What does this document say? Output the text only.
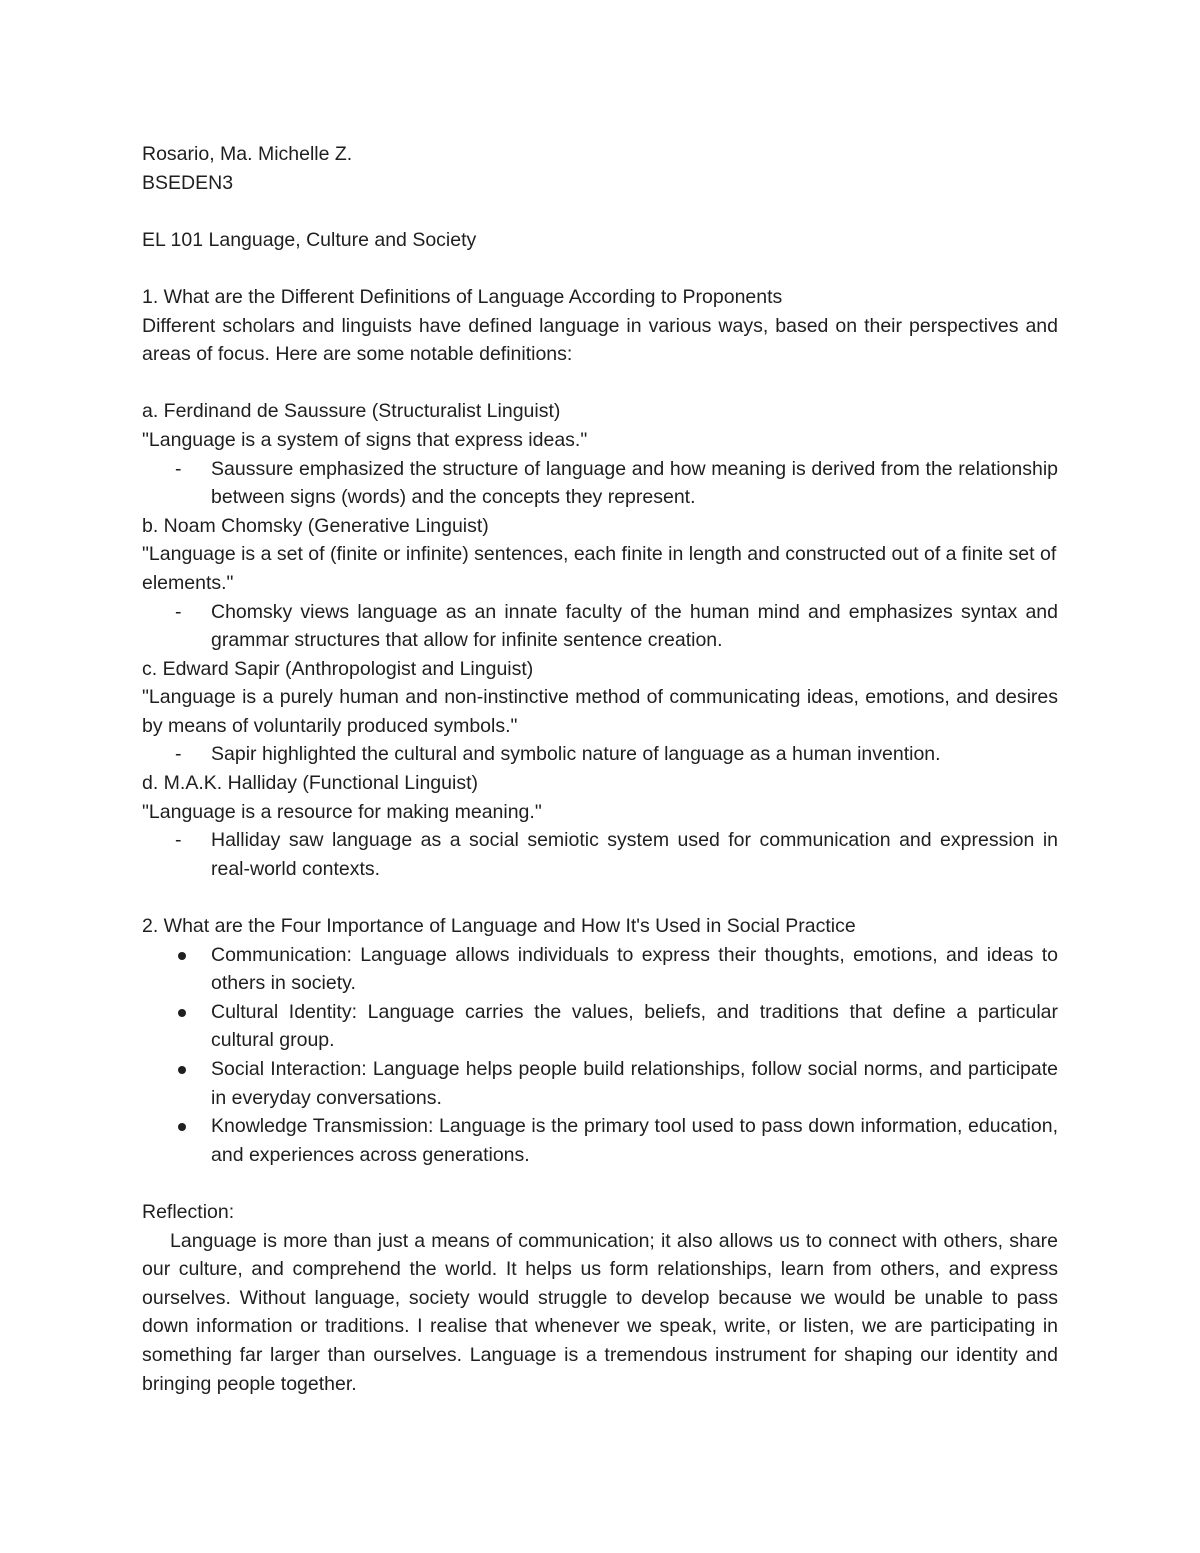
Rosario, Ma. Michelle Z.
BSEDEN3
EL 101 Language, Culture and Society
1. What are the Different Definitions of Language According to Proponents
Different scholars and linguists have defined language in various ways, based on their perspectives and areas of focus. Here are some notable definitions:
a. Ferdinand de Saussure (Structuralist Linguist)
"Language is a system of signs that express ideas."
- Saussure emphasized the structure of language and how meaning is derived from the relationship between signs (words) and the concepts they represent.
b. Noam Chomsky (Generative Linguist)
"Language is a set of (finite or infinite) sentences, each finite in length and constructed out of a finite set of elements."
- Chomsky views language as an innate faculty of the human mind and emphasizes syntax and grammar structures that allow for infinite sentence creation.
c. Edward Sapir (Anthropologist and Linguist)
"Language is a purely human and non-instinctive method of communicating ideas, emotions, and desires by means of voluntarily produced symbols."
- Sapir highlighted the cultural and symbolic nature of language as a human invention.
d. M.A.K. Halliday (Functional Linguist)
"Language is a resource for making meaning."
- Halliday saw language as a social semiotic system used for communication and expression in real-world contexts.
2. What are the Four Importance of Language and How It's Used in Social Practice
Communication: Language allows individuals to express their thoughts, emotions, and ideas to others in society.
Cultural Identity: Language carries the values, beliefs, and traditions that define a particular cultural group.
Social Interaction: Language helps people build relationships, follow social norms, and participate in everyday conversations.
Knowledge Transmission: Language is the primary tool used to pass down information, education, and experiences across generations.
Reflection:
Language is more than just a means of communication; it also allows us to connect with others, share our culture, and comprehend the world. It helps us form relationships, learn from others, and express ourselves. Without language, society would struggle to develop because we would be unable to pass down information or traditions. I realise that whenever we speak, write, or listen, we are participating in something far larger than ourselves. Language is a tremendous instrument for shaping our identity and bringing people together.
